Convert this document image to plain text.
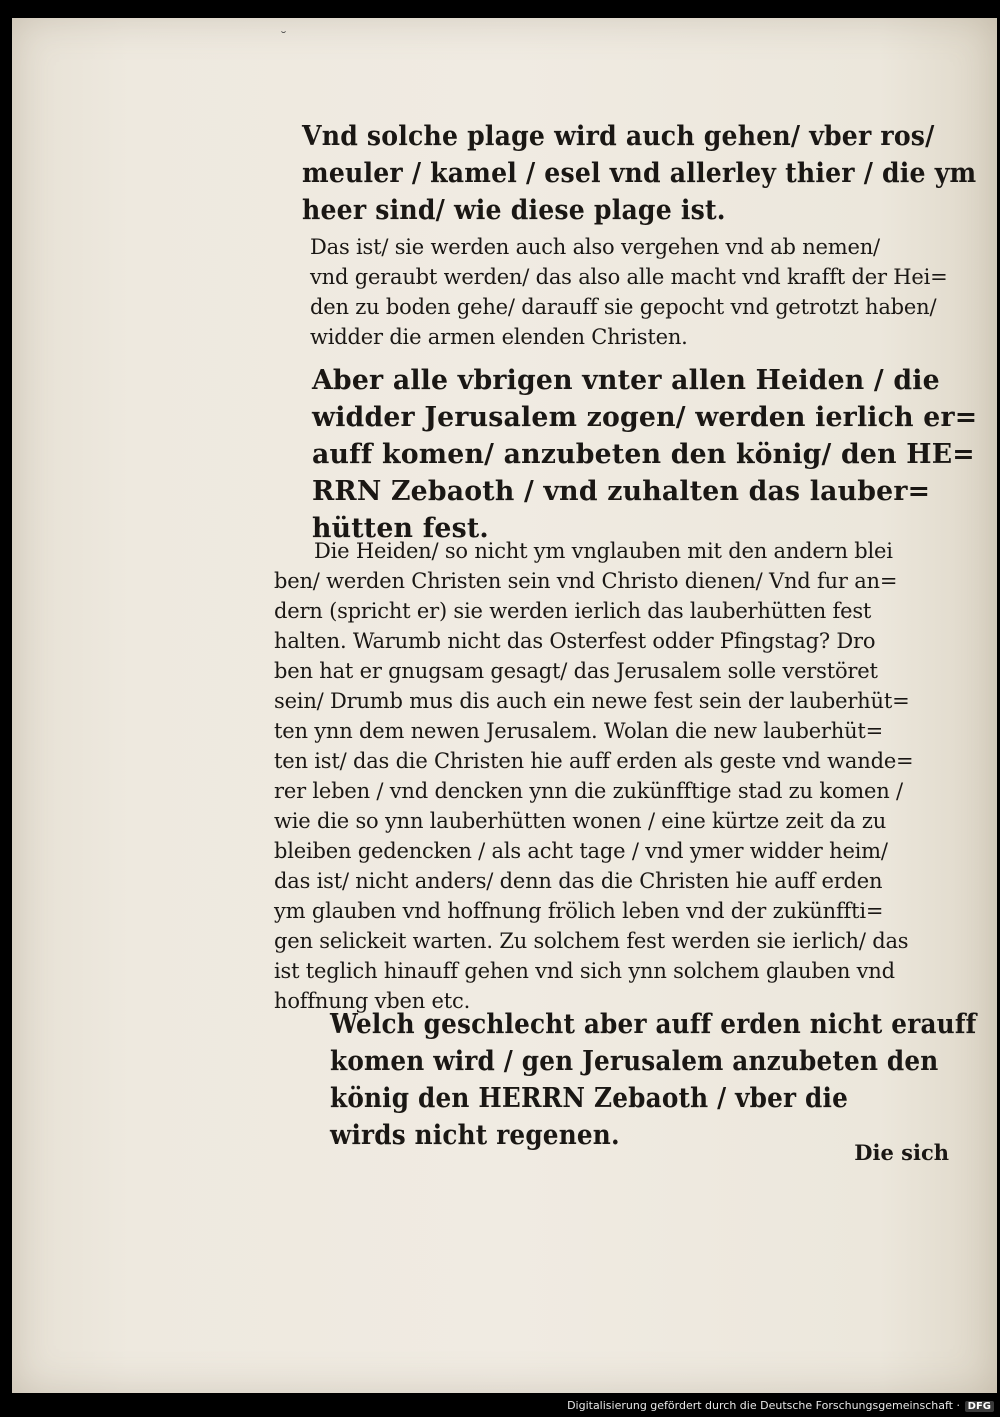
˘
Vnd solche plage wird auch gehen/ vber ros/
meuler / kamel / esel vnd allerley thier / die ym
heer sind/ wie diese plage ist.
Das ist/ sie werden auch also vergehen vnd ab nemen/
vnd geraubt werden/ das also alle macht vnd krafft der Hei=
den zu boden gehe/ darauff sie gepocht vnd getrotzt haben/
widder die armen elenden Christen.
Aber alle vbrigen vnter allen Heiden / die
widder Jerusalem zogen/ werden ierlich er=
auff komen/ anzubeten den könig/ den HE=
RRN Zebaoth / vnd zuhalten das lauber=
hütten fest.
Die Heiden/ so nicht ym vnglauben mit den andern blei
ben/ werden Christen sein vnd Christo dienen/ Vnd fur an=
dern (spricht er) sie werden ierlich das lauberhütten fest
halten. Warumb nicht das Osterfest odder Pfingstag? Dro
ben hat er gnugsam gesagt/ das Jerusalem solle verstöret
sein/ Drumb mus dis auch ein newe fest sein der lauberhüt=
ten ynn dem newen Jerusalem. Wolan die new lauberhüt=
ten ist/ das die Christen hie auff erden als geste vnd wande=
rer leben / vnd dencken ynn die zukünfftige stad zu komen /
wie die so ynn lauberhütten wonen / eine kürtze zeit da zu
bleiben gedencken / als acht tage / vnd ymer widder heim/
das ist/ nicht anders/ denn das die Christen hie auff erden
ym glauben vnd hoffnung frölich leben vnd der zukünffti=
gen selickeit warten. Zu solchem fest werden sie ierlich/ das
ist teglich hinauff gehen vnd sich ynn solchem glauben vnd
hoffnung vben etc.
Welch geschlecht aber auff erden nicht erauff
komen wird / gen Jerusalem anzubeten den
könig den HERRN Zebaoth / vber die
wirds nicht regenen.
Die sich
Digitalisierung gefördert durch die Deutsche Forschungsgemeinschaft · DFG
